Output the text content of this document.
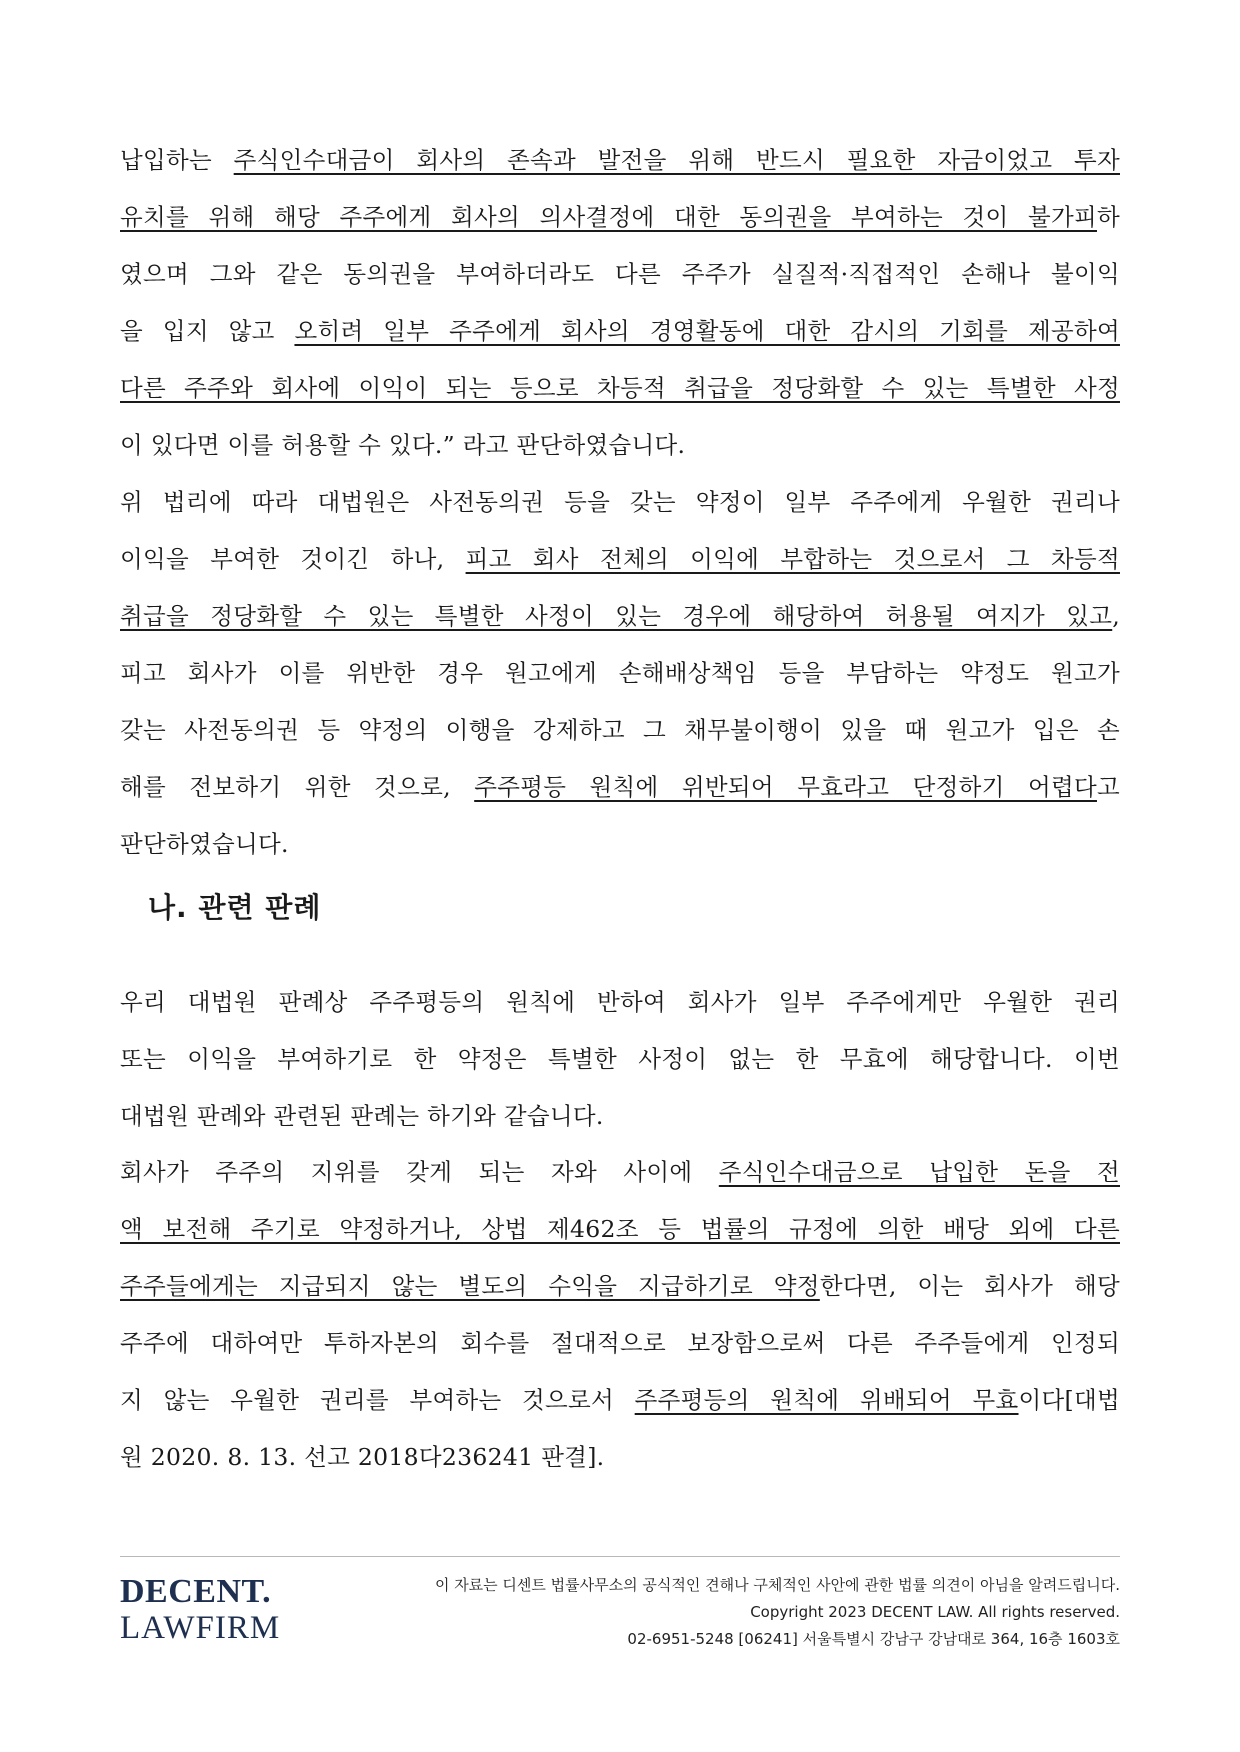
납입하는 주식인수대금이 회사의 존속과 발전을 위해 반드시 필요한 자금이었고 투자
유치를 위해 해당 주주에게 회사의 의사결정에 대한 동의권을 부여하는 것이 불가피하
였으며 그와 같은 동의권을 부여하더라도 다른 주주가 실질적·직접적인 손해나 불이익
을 입지 않고 오히려 일부 주주에게 회사의 경영활동에 대한 감시의 기회를 제공하여
다른 주주와 회사에 이익이 되는 등으로 차등적 취급을 정당화할 수 있는 특별한 사정
이 있다면 이를 허용할 수 있다.” 라고 판단하였습니다.
위 법리에 따라 대법원은 사전동의권 등을 갖는 약정이 일부 주주에게 우월한 권리나
이익을 부여한 것이긴 하나, 피고 회사 전체의 이익에 부합하는 것으로서 그 차등적
취급을 정당화할 수 있는 특별한 사정이 있는 경우에 해당하여 허용될 여지가 있고,
피고 회사가 이를 위반한 경우 원고에게 손해배상책임 등을 부담하는 약정도 원고가
갖는 사전동의권 등 약정의 이행을 강제하고 그 채무불이행이 있을 때 원고가 입은 손
해를 전보하기 위한 것으로, 주주평등 원칙에 위반되어 무효라고 단정하기 어렵다고
판단하였습니다.
나. 관련 판례
우리 대법원 판례상 주주평등의 원칙에 반하여 회사가 일부 주주에게만 우월한 권리
또는 이익을 부여하기로 한 약정은 특별한 사정이 없는 한 무효에 해당합니다. 이번
대법원 판례와 관련된 판례는 하기와 같습니다.
회사가 주주의 지위를 갖게 되는 자와 사이에 주식인수대금으로 납입한 돈을 전
액 보전해 주기로 약정하거나, 상법 제462조 등 법률의 규정에 의한 배당 외에 다른
주주들에게는 지급되지 않는 별도의 수익을 지급하기로 약정한다면, 이는 회사가 해당
주주에 대하여만 투하자본의 회수를 절대적으로 보장함으로써 다른 주주들에게 인정되
지 않는 우월한 권리를 부여하는 것으로서 주주평등의 원칙에 위배되어 무효이다[대법
원 2020. 8. 13. 선고 2018다236241 판결].
DECENT.
LAWFIRM
이 자료는 디센트 법률사무소의 공식적인 견해나 구체적인 사안에 관한 법률 의견이 아님을 알려드립니다.
Copyright 2023 DECENT LAW. All rights reserved.
02-6951-5248 [06241] 서울특별시 강남구 강남대로 364, 16층 1603호
